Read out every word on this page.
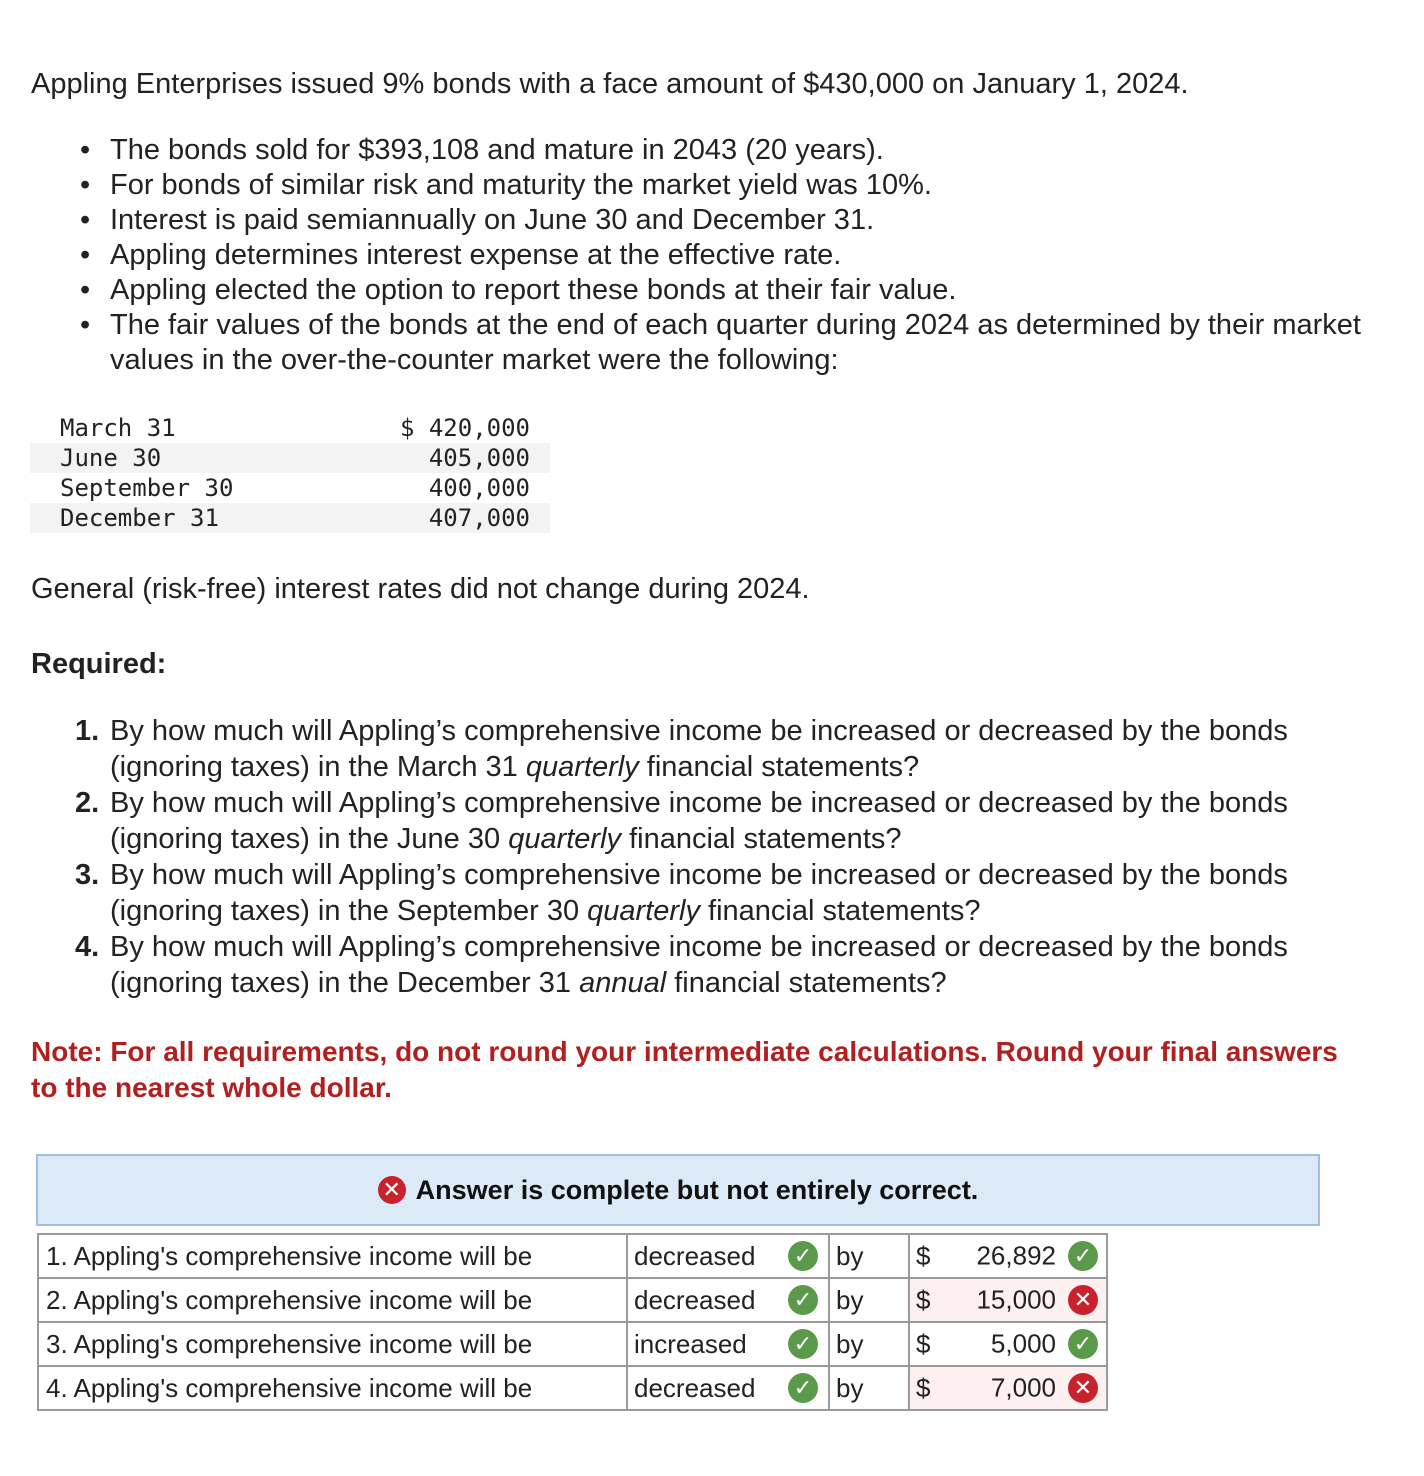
Appling Enterprises issued 9% bonds with a face amount of $430,000 on January 1, 2024.

• The bonds sold for $393,108 and mature in 2043 (20 years).
• For bonds of similar risk and maturity the market yield was 10%.
• Interest is paid semiannually on June 30 and December 31.
• Appling determines interest expense at the effective rate.
• Appling elected the option to report these bonds at their fair value.
• The fair values of the bonds at the end of each quarter during 2024 as determined by their market values in the over-the-counter market were the following:
March 31	$ 420,000
June 30	405,000
September 30	400,000
December 31	407,000

General (risk-free) interest rates did not change during 2024.

Required:

1. By how much will Appling’s comprehensive income be increased or decreased by the bonds (ignoring taxes) in the March 31 quarterly financial statements?
2. By how much will Appling’s comprehensive income be increased or decreased by the bonds (ignoring taxes) in the June 30 quarterly financial statements?
3. By how much will Appling’s comprehensive income be increased or decreased by the bonds (ignoring taxes) in the September 30 quarterly financial statements?
4. By how much will Appling’s comprehensive income be increased or decreased by the bonds (ignoring taxes) in the December 31 annual financial statements?

Note: For all requirements, do not round your intermediate calculations. Round your final answers to the nearest whole dollar.

✕ Answer is complete but not entirely correct.
1. Appling's comprehensive income will be	decreased ✓	by	$ 26,892 ✓

2. Appling's comprehensive income will be	decreased ✓	by	$ 15,000 ✕

3. Appling's comprehensive income will be	increased ✓	by	$ 5,000 ✓

4. Appling's comprehensive income will be	decreased ✓	by	$ 7,000 ✕
